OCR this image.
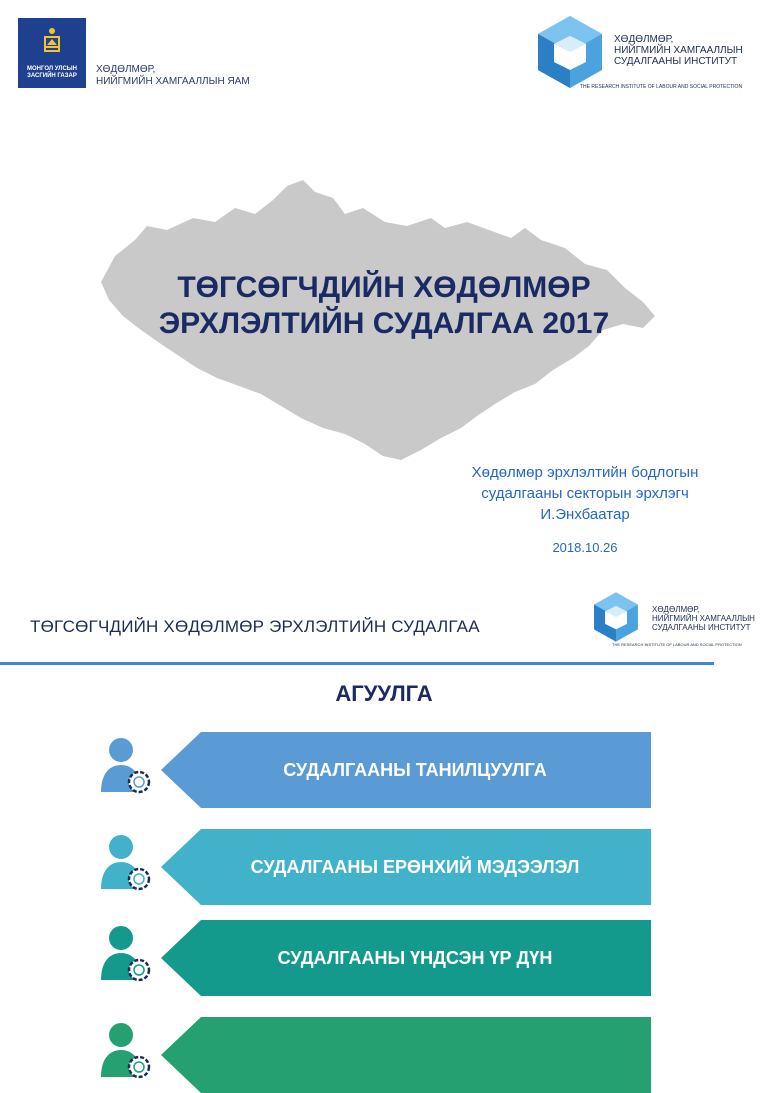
МОНГОЛ УЛСЫН
ЗАСГИЙН ГАЗАР
ХӨДӨЛМӨР,
НИЙГМИЙН ХАМГААЛЛЫН ЯАМ
ХӨДӨЛМӨР,
НИЙГМИЙН ХАМГААЛЛЫН
СУДАЛГААНЫ ИНСТИТУТ
THE RESEARCH INSTITUTE OF LABOUR AND SOCIAL PROTECTION
ТӨГСӨГЧДИЙН ХӨДӨЛМӨР
ЭРХЛЭЛТИЙН СУДАЛГАА 2017
Хөдөлмөр эрхлэлтийн бодлогын
судалгааны секторын эрхлэгч
И.Энхбаатар
2018.10.26
ТӨГСӨГЧДИЙН ХӨДӨЛМӨР ЭРХЛЭЛТИЙН СУДАЛГАА
ХӨДӨЛМӨР,
НИЙГМИЙН ХАМГААЛЛЫН
СУДАЛГААНЫ ИНСТИТУТ
THE RESEARCH INSTITUTE OF LABOUR AND SOCIAL PROTECTION
АГУУЛГА
СУДАЛГААНЫ ТАНИЛЦУУЛГА
СУДАЛГААНЫ ЕРӨНХИЙ МЭДЭЭЛЭЛ
СУДАЛГААНЫ ҮНДСЭН ҮР ДҮН
